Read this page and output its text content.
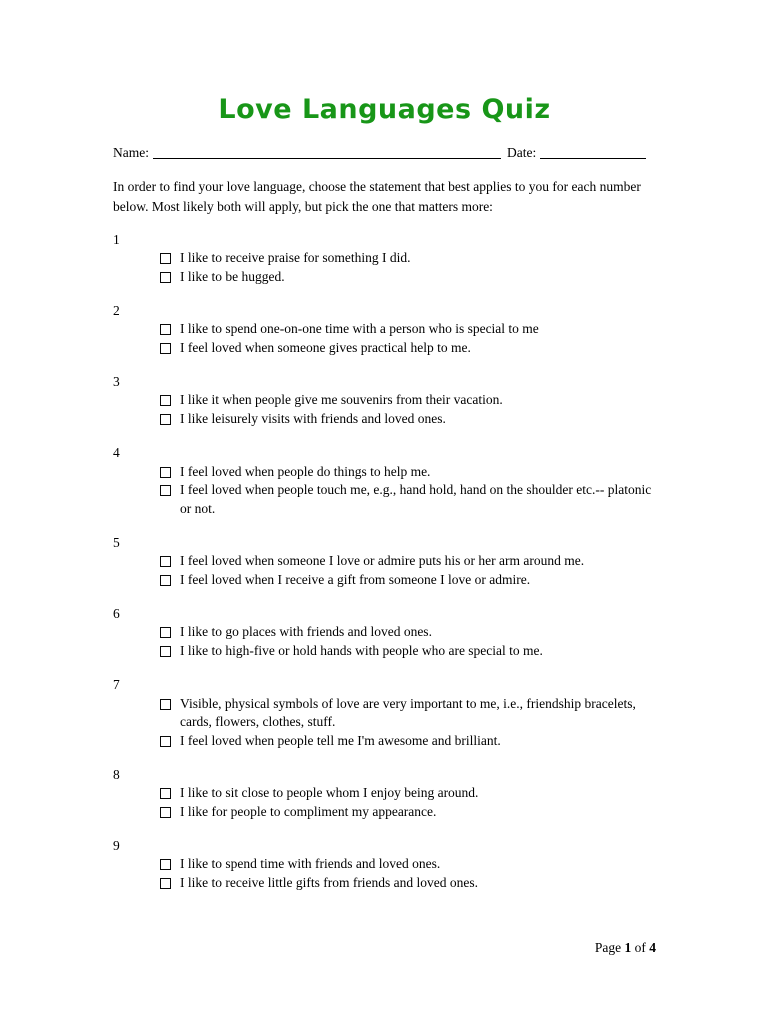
Love Languages Quiz
Name:	Date:

In order to find your love language, choose the statement that best applies to you for each number below. Most likely both will apply, but pick the one that matters more:

1
I like to receive praise for something I did.
I like to be hugged.
2
I like to spend one-on-one time with a person who is special to me
I feel loved when someone gives practical help to me.
3
I like it when people give me souvenirs from their vacation.
I like leisurely visits with friends and loved ones.
4
I feel loved when people do things to help me.
I feel loved when people touch me, e.g., hand hold, hand on the shoulder etc.-- platonic or not.
5
I feel loved when someone I love or admire puts his or her arm around me.
I feel loved when I receive a gift from someone I love or admire.
6
I like to go places with friends and loved ones.
I like to high-five or hold hands with people who are special to me.
7
Visible, physical symbols of love are very important to me, i.e., friendship bracelets, cards, flowers, clothes, stuff.
I feel loved when people tell me I'm awesome and brilliant.
8
I like to sit close to people whom I enjoy being around.
I like for people to compliment my appearance.
9
I like to spend time with friends and loved ones.
I like to receive little gifts from friends and loved ones.
Page 1 of 4
